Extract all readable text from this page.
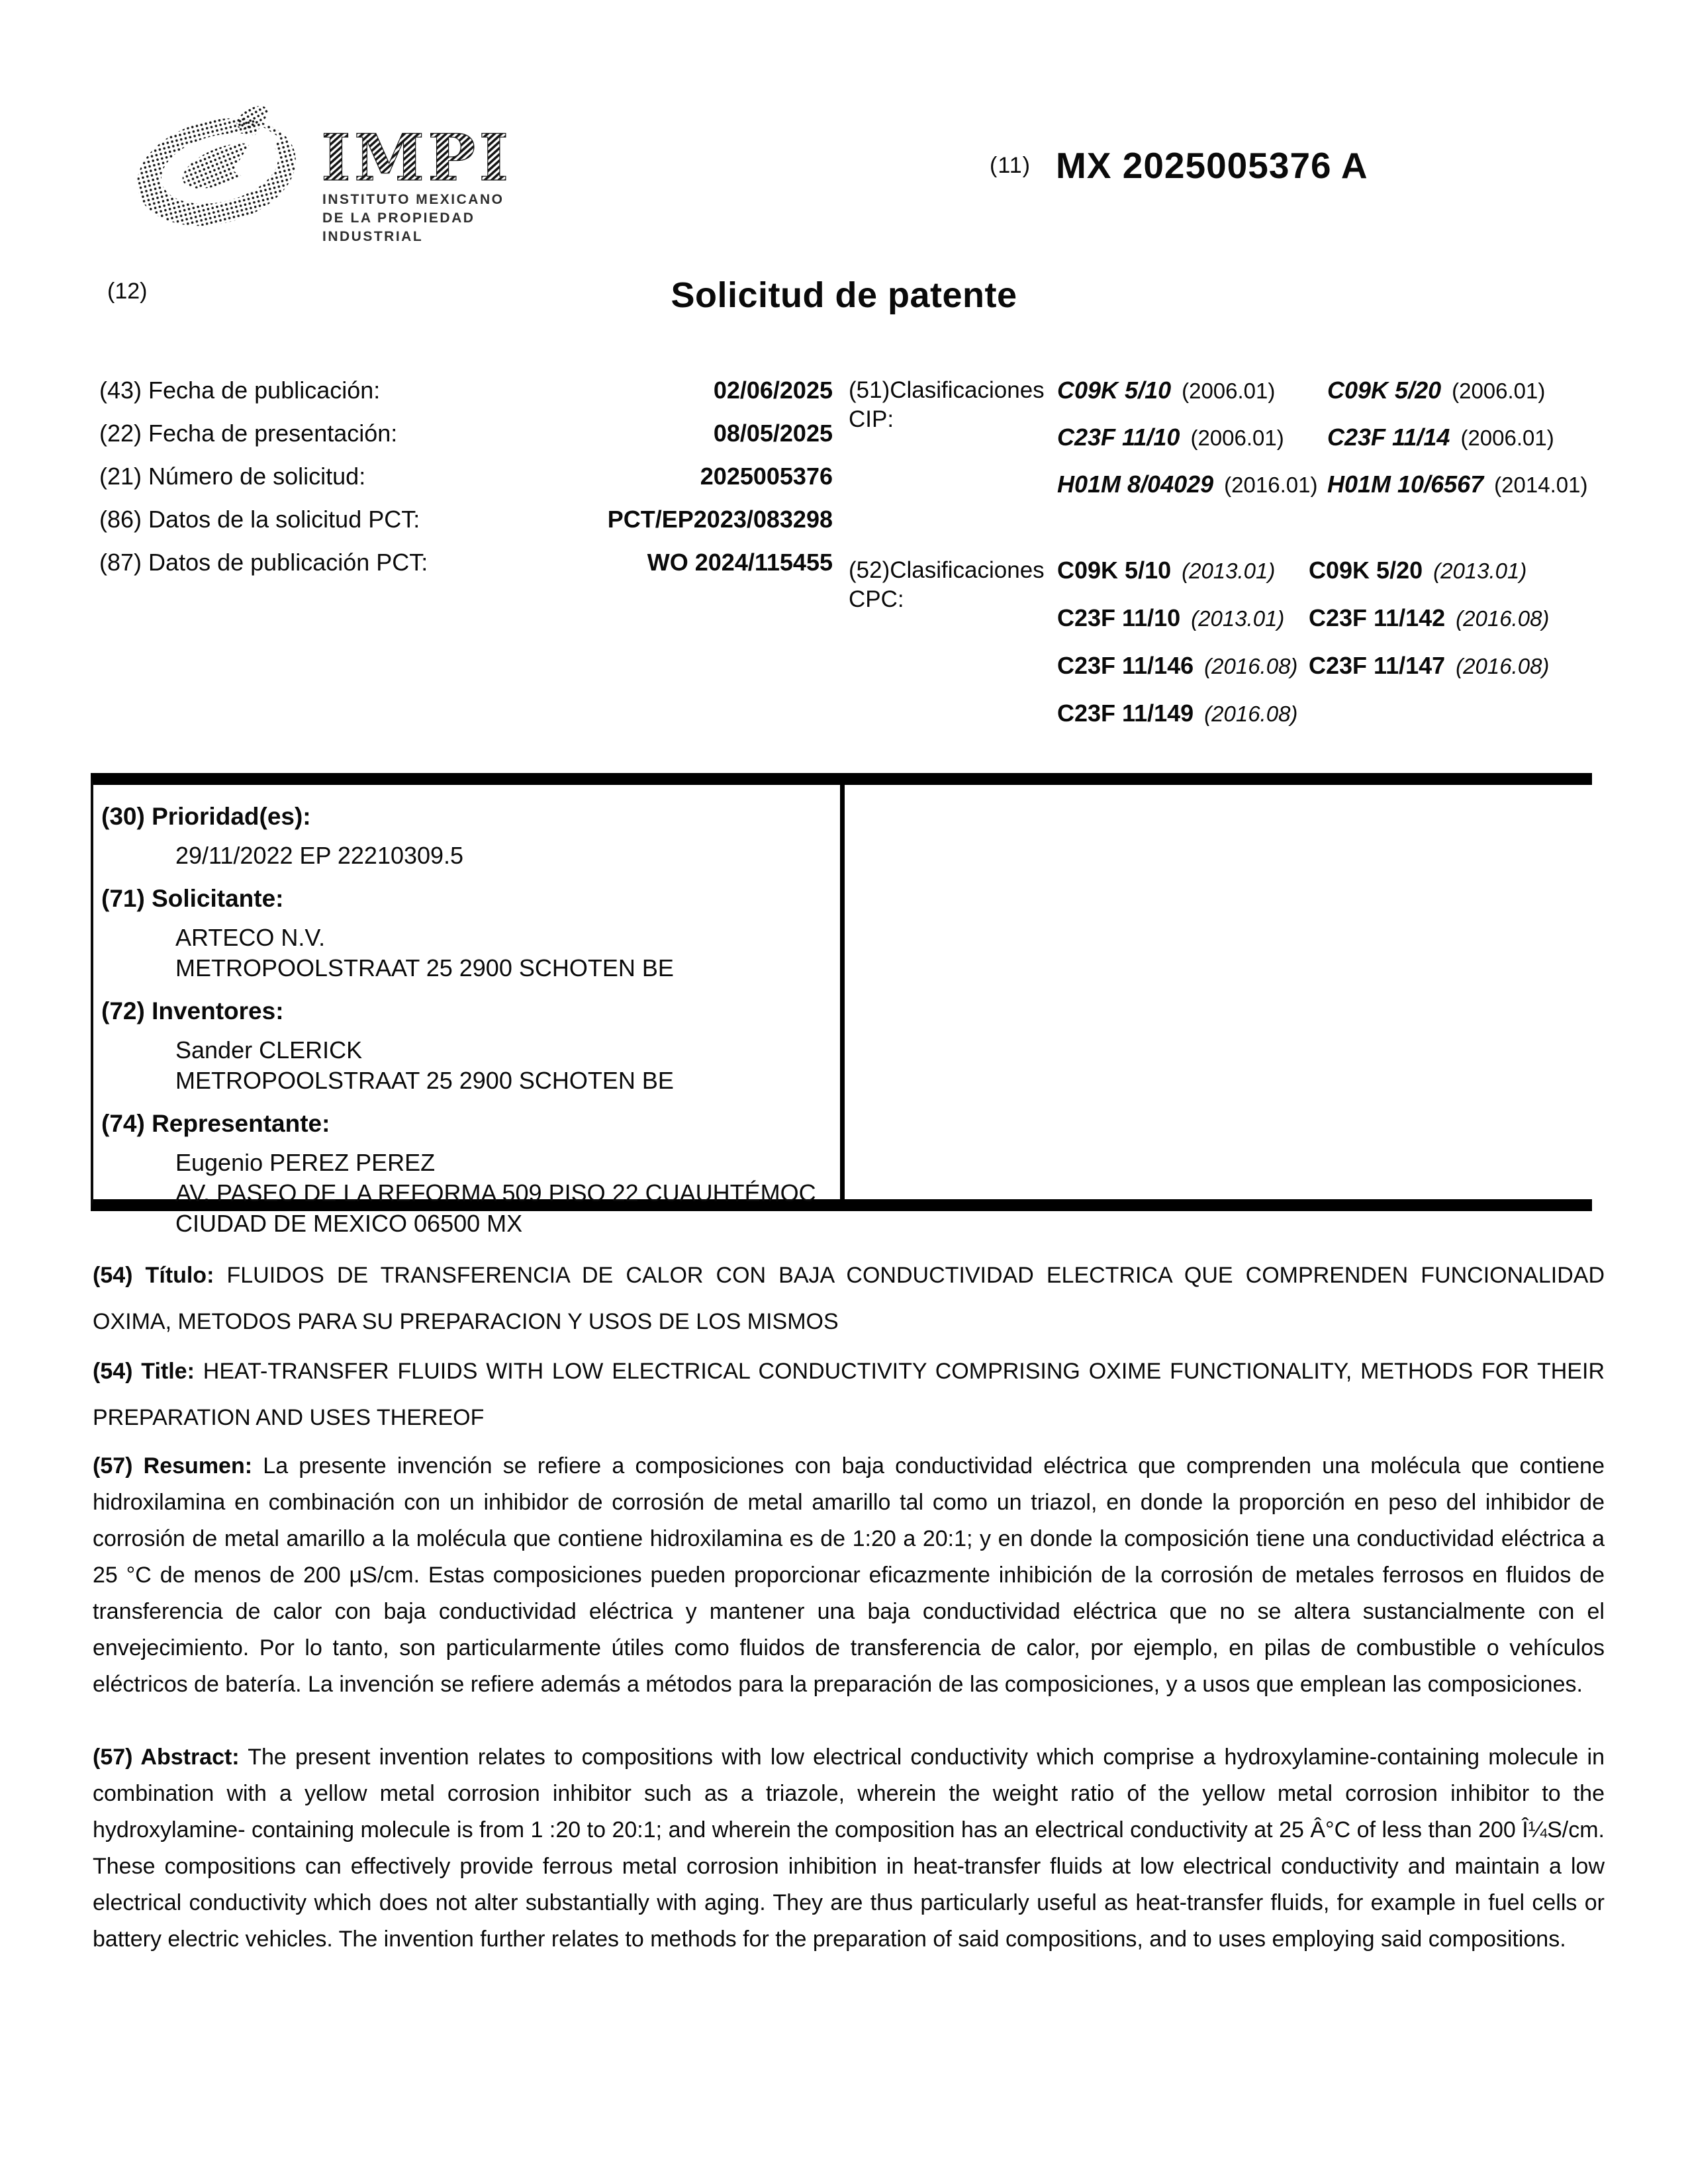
IMPI
INSTITUTO MEXICANO
DE LA PROPIEDAD
INDUSTRIAL
(11) MX 2025005376 A
(12)	Solicitud de patente
(43) Fecha de publicación:	02/06/2025
(22) Fecha de presentación:	08/05/2025
(21) Número de solicitud:	2025005376
(86) Datos de la solicitud PCT:	PCT/EP2023/083298
(87) Datos de publicación PCT:	WO 2024/115455
(51)Clasificaciones
CIP:
C09K 5/10 (2006.01)	C09K 5/20 (2006.01)
C23F 11/10 (2006.01)	C23F 11/14 (2006.01)
H01M 8/04029 (2016.01) H01M 10/6567 (2014.01)
(52)Clasificaciones
CPC:
C09K 5/10 (2013.01)	C09K 5/20 (2013.01)
C23F 11/10 (2013.01)	C23F 11/142 (2016.08)
C23F 11/146 (2016.08) C23F 11/147 (2016.08)
C23F 11/149 (2016.08)
(30) Prioridad(es):
29/11/2022 EP 22210309.5
(71) Solicitante:
ARTECO N.V.
METROPOOLSTRAAT 25 2900 SCHOTEN BE
(72) Inventores:
Sander CLERICK
METROPOOLSTRAAT 25 2900 SCHOTEN BE
(74) Representante:
Eugenio PEREZ PEREZ
AV. PASEO DE LA REFORMA 509 PISO 22 CUAUHTÉMOC
CIUDAD DE MEXICO 06500 MX

(54) Título: FLUIDOS DE TRANSFERENCIA DE CALOR CON BAJA CONDUCTIVIDAD ELECTRICA QUE COMPRENDEN FUNCIONALIDAD OXIMA, METODOS PARA SU PREPARACION Y USOS DE LOS MISMOS

(54) Title: HEAT-TRANSFER FLUIDS WITH LOW ELECTRICAL CONDUCTIVITY COMPRISING OXIME FUNCTIONALITY, METHODS FOR THEIR PREPARATION AND USES THEREOF

(57) Resumen: La presente invención se refiere a composiciones con baja conductividad eléctrica que comprenden una molécula que contiene hidroxilamina en combinación con un inhibidor de corrosión de metal amarillo tal como un triazol, en donde la proporción en peso del inhibidor de corrosión de metal amarillo a la molécula que contiene hidroxilamina es de 1:20 a 20:1; y en donde la composición tiene una conductividad eléctrica a 25 °C de menos de 200 μS/cm. Estas composiciones pueden proporcionar eficazmente inhibición de la corrosión de metales ferrosos en fluidos de transferencia de calor con baja conductividad eléctrica y mantener una baja conductividad eléctrica que no se altera sustancialmente con el envejecimiento. Por lo tanto, son particularmente útiles como fluidos de transferencia de calor, por ejemplo, en pilas de combustible o vehículos eléctricos de batería. La invención se refiere además a métodos para la preparación de las composiciones, y a usos que emplean las composiciones.

(57) Abstract: The present invention relates to compositions with low electrical conductivity which comprise a hydroxylamine-containing molecule in combination with a yellow metal corrosion inhibitor such as a triazole, wherein the weight ratio of the yellow metal corrosion inhibitor to the hydroxylamine- containing molecule is from 1 :20 to 20:1; and wherein the composition has an electrical conductivity at 25 Â°C of less than 200 Î¼S/cm. These compositions can effectively provide ferrous metal corrosion inhibition in heat-transfer fluids at low electrical conductivity and maintain a low electrical conductivity which does not alter substantially with aging. They are thus particularly useful as heat-transfer fluids, for example in fuel cells or battery electric vehicles. The invention further relates to methods for the preparation of said compositions, and to uses employing said compositions.
